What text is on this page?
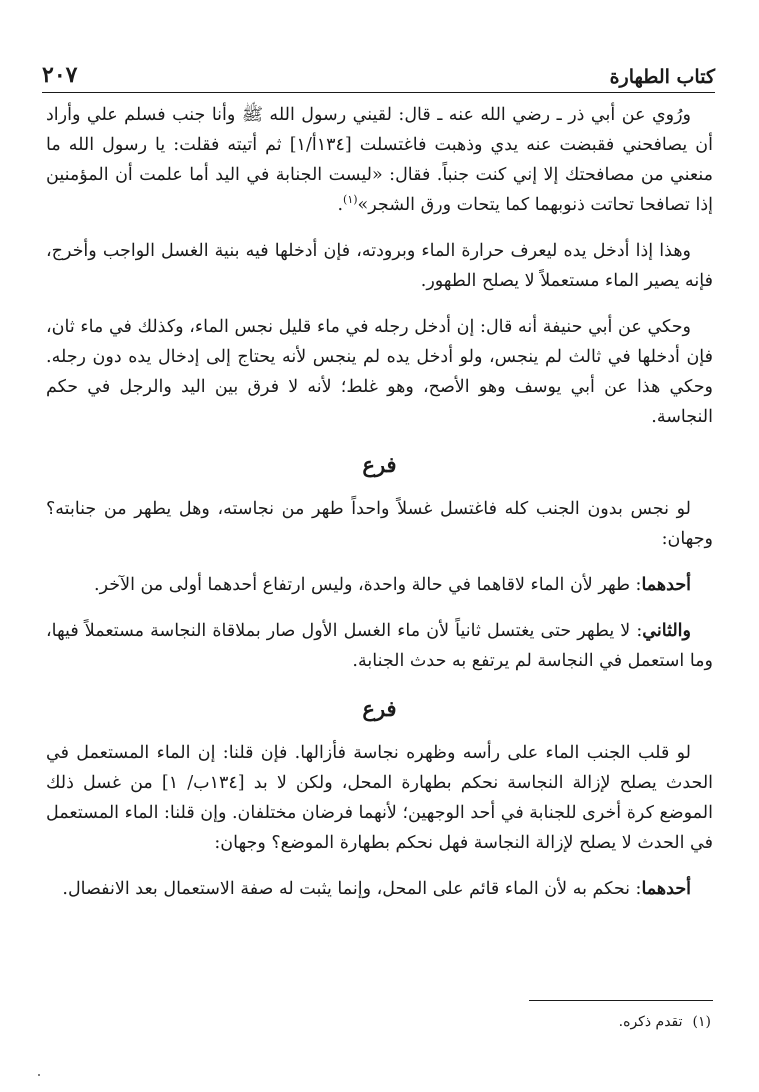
كتاب الطهارة
٢٠٧

ورُوي عن أبي ذر ـ رضي الله عنه ـ قال: لقيني رسول الله ﷺ وأنا جنب فسلم علي وأراد أن يصافحني فقبضت عنه يدي وذهبت فاغتسلت [١٣٤أ/١] ثم أتيته فقلت: يا رسول الله ما منعني من مصافحتك إلا إني كنت جنباً. فقال: «ليست الجنابة في اليد أما علمت أن المؤمنين إذا تصافحا تحاتت ذنوبهما كما يتحات ورق الشجر»$^{(١)}$.

وهذا إذا أدخل يده ليعرف حرارة الماء وبرودته، فإن أدخلها فيه بنية الغسل الواجب وأخرج، فإنه يصير الماء مستعملاً لا يصلح الطهور.

وحكي عن أبي حنيفة أنه قال: إن أدخل رجله في ماء قليل نجس الماء، وكذلك في ماء ثان، فإن أدخلها في ثالث لم ينجس، ولو أدخل يده لم ينجس لأنه يحتاج إلى إدخال يده دون رجله. وحكي هذا عن أبي يوسف وهو الأصح، وهو غلط؛ لأنه لا فرق بين اليد والرجل في حكم النجاسة.

فرع

لو نجس بدون الجنب كله فاغتسل غسلاً واحداً طهر من نجاسته، وهل يطهر من جنابته؟ وجهان:

أحدهما: طهر لأن الماء لاقاهما في حالة واحدة، وليس ارتفاع أحدهما أولى من الآخر.

والثاني: لا يطهر حتى يغتسل ثانياً لأن ماء الغسل الأول صار بملاقاة النجاسة مستعملاً فيها، وما استعمل في النجاسة لم يرتفع به حدث الجنابة.

فرع

لو قلب الجنب الماء على رأسه وظهره نجاسة فأزالها. فإن قلنا: إن الماء المستعمل في الحدث يصلح لإزالة النجاسة نحكم بطهارة المحل، ولكن لا بد [١٣٤ب/ ١] من غسل ذلك الموضع كرة أخرى للجنابة في أحد الوجهين؛ لأنهما فرضان مختلفان. وإن قلنا: الماء المستعمل في الحدث لا يصلح لإزالة النجاسة فهل نحكم بطهارة الموضع؟ وجهان:

أحدهما: نحكم به لأن الماء قائم على المحل، وإنما يثبت له صفة الاستعمال بعد الانفصال.

(١)تقدم ذكره.
